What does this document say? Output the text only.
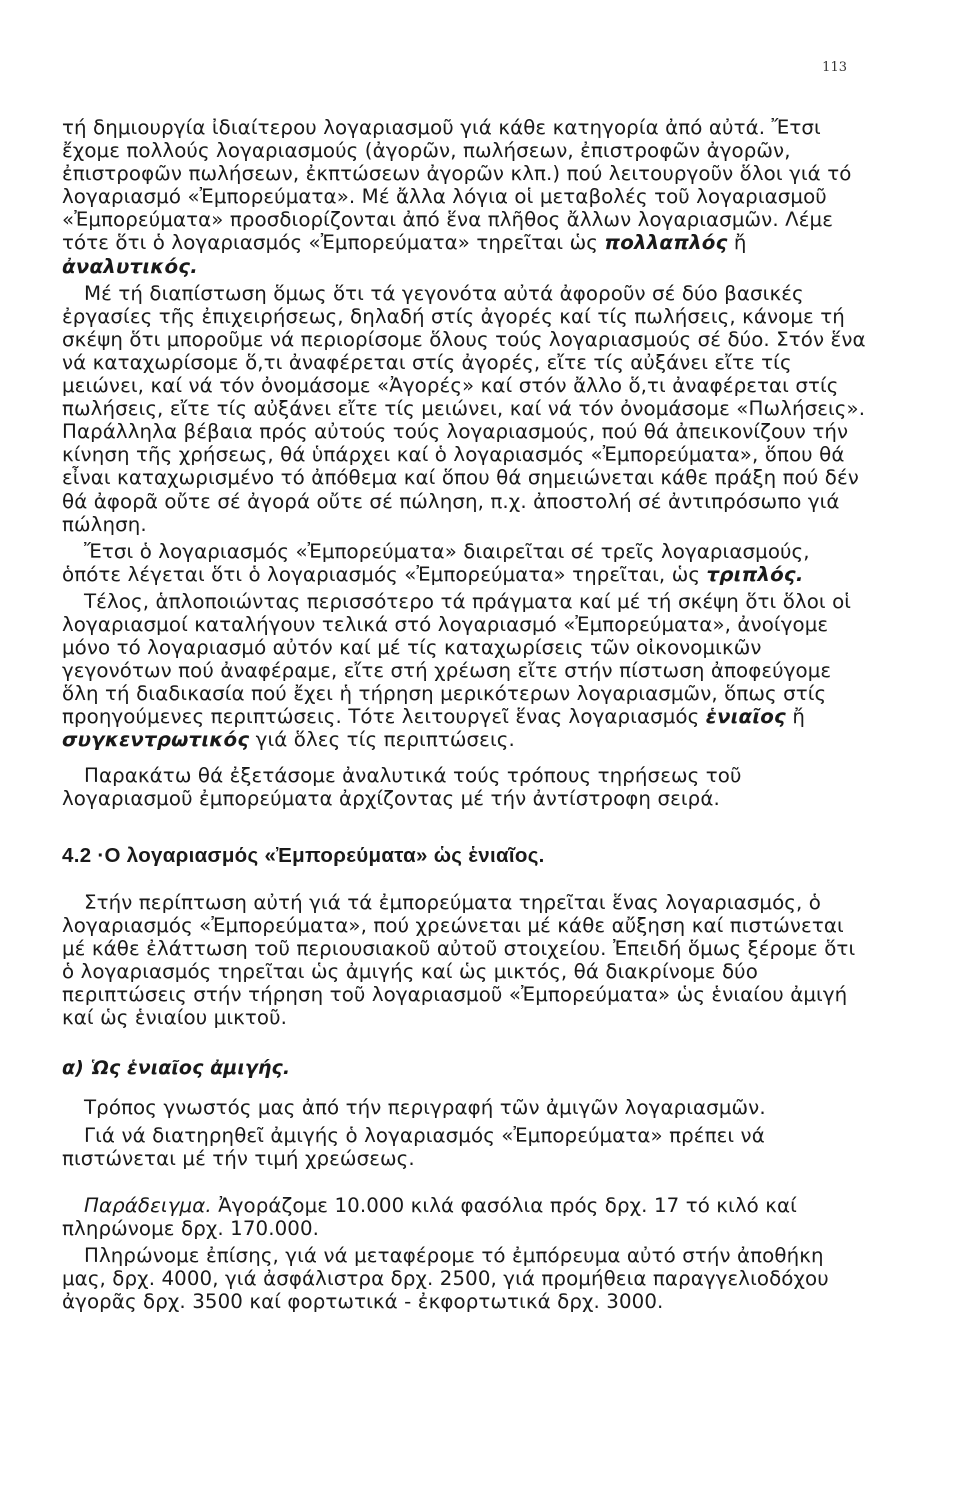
113

τή δημιουργία ἰδιαίτερου λογαριασμοῦ γιά κάθε κατηγορία ἀπό αὐτά. Ἔτσι ἔχομε πολλούς λογαριασμούς (ἀγορῶν, πωλήσεων, ἐπιστροφῶν ἀγορῶν, ἐπιστροφῶν πωλήσεων, ἐκπτώσεων ἀγορῶν κλπ.) πού λειτουργοῦν ὅλοι γιά τό λογαριασμό «Ἐμπορεύματα». Μέ ἄλλα λόγια οἱ μεταβολές τοῦ λογαριασμοῦ «Ἐμπορεύματα» προσδιορίζονται ἀπό ἕνα πλῆθος ἄλλων λογαριασμῶν. Λέμε τότε ὅτι ὁ λογαριασμός «Ἐμπορεύματα» τηρεῖται ὡς πολλαπλός ἤ ἀναλυτικός.

Μέ τή διαπίστωση ὅμως ὅτι τά γεγονότα αὐτά ἀφοροῦν σέ δύο βασικές ἐργασίες τῆς ἐπιχειρήσεως, δηλαδή στίς ἀγορές καί τίς πωλήσεις, κάνομε τή σκέψη ὅτι μποροῦμε νά περιορίσομε ὅλους τούς λογαριασμούς σέ δύο. Στόν ἕνα νά καταχωρίσομε ὅ,τι ἀναφέρεται στίς ἀγορές, εἴτε τίς αὐξάνει εἴτε τίς μειώνει, καί νά τόν ὀνομάσομε «Ἀγορές» καί στόν ἄλλο ὅ,τι ἀναφέρεται στίς πωλήσεις, εἴτε τίς αὐξάνει εἴτε τίς μειώνει, καί νά τόν ὀνομάσομε «Πωλήσεις». Παράλληλα βέβαια πρός αὐτούς τούς λογαριασμούς, πού θά ἀπεικονίζουν τήν κίνηση τῆς χρήσεως, θά ὑπάρχει καί ὁ λογαριασμός «Ἐμπορεύματα», ὅπου θά εἶναι καταχωρισμένο τό ἀπόθεμα καί ὅπου θά σημειώνεται κάθε πράξη πού δέν θά ἀφορᾶ οὔτε σέ ἀγορά οὔτε σέ πώληση, π.χ. ἀποστολή σέ ἀντιπρόσωπο γιά πώληση.

Ἔτσι ὁ λογαριασμός «Ἐμπορεύματα» διαιρεῖται σέ τρεῖς λογαριασμούς, ὁπότε λέγεται ὅτι ὁ λογαριασμός «Ἐμπορεύματα» τηρεῖται, ὡς τριπλός.

Τέλος, ἁπλοποιώντας περισσότερο τά πράγματα καί μέ τή σκέψη ὅτι ὅλοι οἱ λογαριασμοί καταλήγουν τελικά στό λογαριασμό «Ἐμπορεύματα», ἀνοίγομε μόνο τό λογαριασμό αὐτόν καί μέ τίς καταχωρίσεις τῶν οἰκονομικῶν γεγονότων πού ἀναφέραμε, εἴτε στή χρέωση εἴτε στήν πίστωση ἀποφεύγομε ὅλη τή διαδικασία πού ἔχει ἡ τήρηση μερικότερων λογαριασμῶν, ὅπως στίς προηγούμενες περιπτώσεις. Τότε λειτουργεῖ ἕνας λογαριασμός ἑνιαῖος ἤ συγκεντρωτικός γιά ὅλες τίς περιπτώσεις.

Παρακάτω θά ἐξετάσομε ἀναλυτικά τούς τρόπους τηρήσεως τοῦ λογαριασμοῦ ἐμπορεύματα ἀρχίζοντας μέ τήν ἀντίστροφη σειρά.

4.2 ·Ο λογαριασμός «Ἐμπορεύματα» ὡς ἑνιαῖος.

Στήν περίπτωση αὐτή γιά τά ἐμπορεύματα τηρεῖται ἕνας λογαριασμός, ὁ λογαριασμός «Ἐμπορεύματα», πού χρεώνεται μέ κάθε αὔξηση καί πιστώνεται μέ κάθε ἐλάττωση τοῦ περιουσιακοῦ αὐτοῦ στοιχείου. Ἐπειδή ὅμως ξέρομε ὅτι ὁ λογαριασμός τηρεῖται ὡς ἀμιγής καί ὡς μικτός, θά διακρίνομε δύο περιπτώσεις στήν τήρηση τοῦ λογαριασμοῦ «Ἐμπορεύματα» ὡς ἑνιαίου ἀμιγή καί ὡς ἑνιαίου μικτοῦ.

α) Ὡς ἑνιαῖος ἀμιγής.

Τρόπος γνωστός μας ἀπό τήν περιγραφή τῶν ἀμιγῶν λογαριασμῶν.

Γιά νά διατηρηθεῖ ἀμιγής ὁ λογαριασμός «Ἐμπορεύματα» πρέπει νά πιστώνεται μέ τήν τιμή χρεώσεως.

Παράδειγμα. Ἀγοράζομε 10.000 κιλά φασόλια πρός δρχ. 17 τό κιλό καί πληρώνομε δρχ. 170.000.

Πληρώνομε ἐπίσης, γιά νά μεταφέρομε τό ἐμπόρευμα αὐτό στήν ἀποθήκη μας, δρχ. 4000, γιά ἀσφάλιστρα δρχ. 2500, γιά προμήθεια παραγγελιοδόχου ἀγορᾶς δρχ. 3500 καί φορτωτικά - ἐκφορτωτικά δρχ. 3000.
